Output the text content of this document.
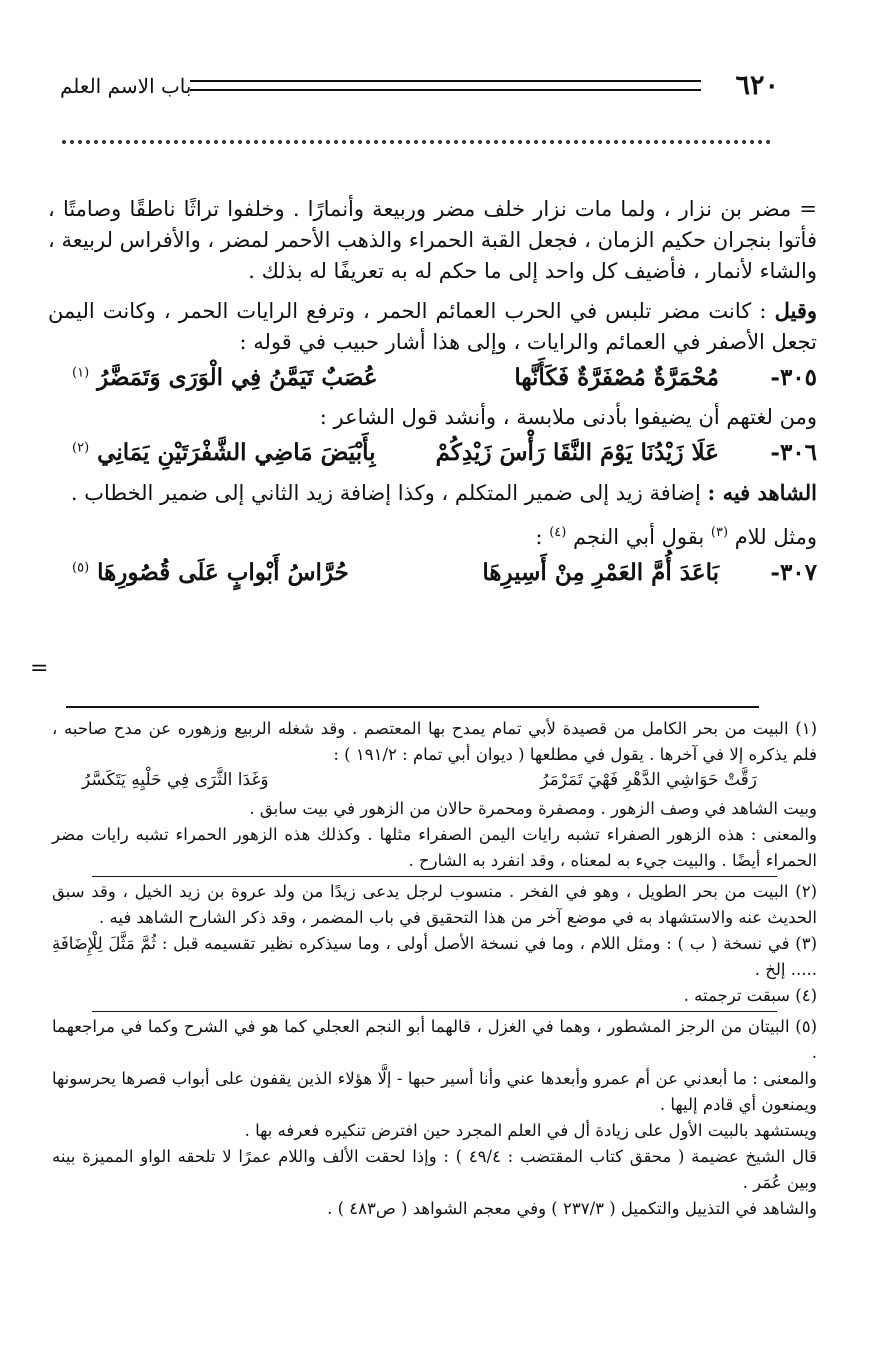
٦٢٠
باب الاسم العلم

= مضر بن نزار ، ولما مات نزار خلف مضر وربيعة وأنمارًا . وخلفوا تراثًا ناطقًا وصامتًا ، فأتوا بنجران حكيم الزمان ، فجعل القبة الحمراء والذهب الأحمر لمضر ، والأفراس لربيعة ، والشاء لأنمار ، فأضيف كل واحد إلى ما حكم له به تعريفًا له بذلك .

وقيل : كانت مضر تلبس في الحرب العمائم الحمر ، وترفع الرايات الحمر ، وكانت اليمن تجعل الأصفر في العمائم والرايات ، وإلى هذا أشار حبيب في قوله :

٣٠٥-
مُحْمَرَّةٌ مُصْفَرَّةٌ فَكَأَنَّها
عُصَبٌ تَيَمَّنُ فِي الْوَرَى وَتَمَضَّرُ $^{(١)}$

ومن لغتهم أن يضيفوا بأدنى ملابسة ، وأنشد قول الشاعر :

٣٠٦-
عَلَا زَيْدُنَا يَوْمَ النَّقَا رَأْسَ زَيْدِكُمْ
بِأَبْيَضَ مَاضِي الشَّفْرَتَيْنِ يَمَانِي $^{(٢)}$

الشاهد فيه : إضافة زيد إلى ضمير المتكلم ، وكذا إضافة زيد الثاني إلى ضمير الخطاب .

ومثل للام $^{(٣)}$ بقول أبي النجم $^{(٤)}$ :

٣٠٧-
بَاعَدَ أُمَّ العَمْرِ مِنْ أَسِيرِهَا
حُرَّاسُ أَبْوابٍ عَلَى قُصُورِهَا $^{(٥)}$
=

(١) البيت من بحر الكامل من قصيدة لأبي تمام يمدح بها المعتصم . وقد شغله الربيع وزهوره عن مدح صاحبه ، فلم يذكره إلا في آخرها . يقول في مطلعها ( ديوان أبي تمام : ١٩١/٢ ) :

رَقَّتْ حَوَاشِي الدَّهْرِ فَهْيَ تَمَرْمَرُ
وَغَدَا الثَّرَى فِي حَلْيِهِ يَتَكَسَّرُ

وبيت الشاهد في وصف الزهور . ومصفرة ومحمرة حالان من الزهور في بيت سابق .

والمعنى : هذه الزهور الصفراء تشبه رايات اليمن الصفراء مثلها . وكذلك هذه الزهور الحمراء تشبه رايات مضر الحمراء أيضًا . والبيت جيء به لمعناه ، وقد انفرد به الشارح .

(٢) البيت من بحر الطويل ، وهو في الفخر . منسوب لرجل يدعى زيدًا من ولد عروة بن زيد الخيل ، وقد سبق الحديث عنه والاستشهاد به في موضع آخر من هذا التحقيق في باب المضمر ، وقد ذكر الشارح الشاهد فيه .

(٣) في نسخة ( ب ) : ومثل اللام ، وما في نسخة الأصل أولى ، وما سيذكره نظير تقسيمه قبل : ثُمَّ مَثَّلَ لِلْإِضَافَةِ ..... إلخ .

(٤) سبقت ترجمته .

(٥) البيتان من الرجز المشطور ، وهما في الغزل ، قالهما أبو النجم العجلي كما هو في الشرح وكما في مراجعهما .

والمعنى : ما أبعدني عن أم عمرو وأبعدها عني وأنا أسير حبها - إلَّا هؤلاء الذين يقفون على أبواب قصرها يحرسونها ويمنعون أي قادم إليها .

ويستشهد بالبيت الأول على زيادة أل في العلم المجرد حين افترض تنكيره فعرفه بها .

قال الشيخ عضيمة ( محقق كتاب المقتضب : ٤٩/٤ ) : وإذا لحقت الألف واللام عمرًا لا تلحقه الواو المميزة بينه وبين عُمَر .

والشاهد في التذييل والتكميل ( ٢٣٧/٣ ) وفي معجم الشواهد ( ص٤٨٣ ) .
